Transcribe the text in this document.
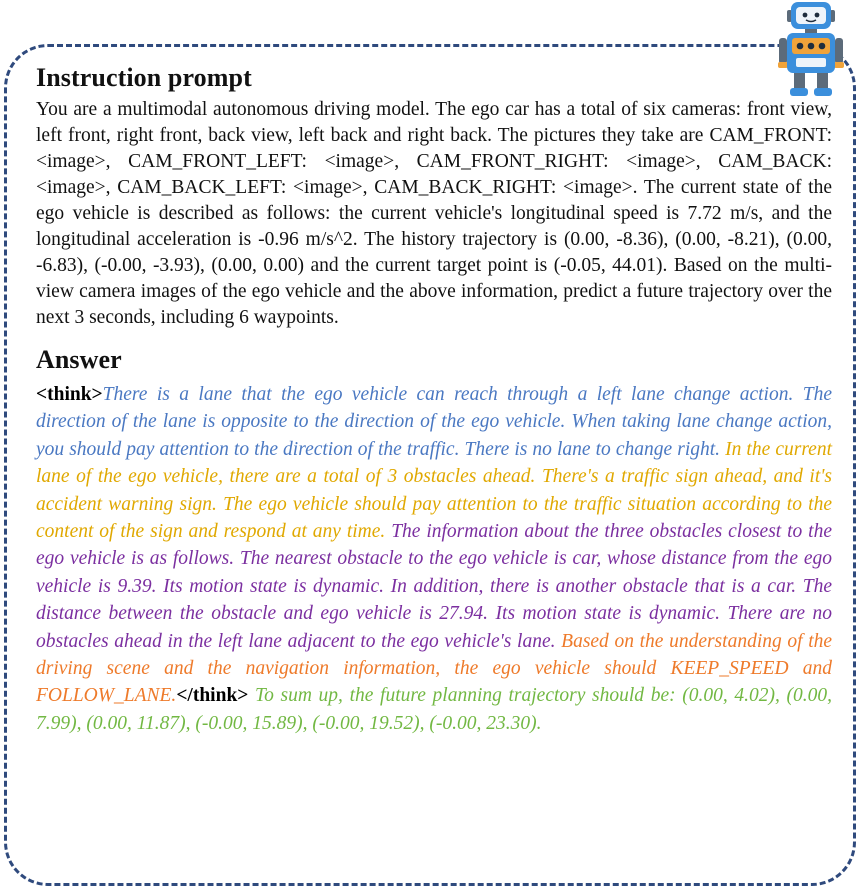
Instruction prompt

You are a multimodal autonomous driving model. The ego car has a total of six cameras: front view, left front, right front, back view, left back and right back. The pictures they take are CAM_FRONT: <image>, CAM_FRONT_LEFT: <image>, CAM_FRONT_RIGHT: <image>, CAM_BACK: <image>, CAM_BACK_LEFT: <image>, CAM_BACK_RIGHT: <image>. The current state of the ego vehicle is described as follows: the current vehicle's longitudinal speed is 7.72 m/s, and the longitudinal acceleration is -0.96 m/s^2. The history trajectory is (0.00, -8.36), (0.00, -8.21), (0.00, -6.83), (-0.00, -3.93), (0.00, 0.00) and the current target point is (-0.05, 44.01). Based on the multi-view camera images of the ego vehicle and the above information, predict a future trajectory over the next 3 seconds, including 6 waypoints.

Answer

<think>There is a lane that the ego vehicle can reach through a left lane change action. The direction of the lane is opposite to the direction of the ego vehicle. When taking lane change action, you should pay attention to the direction of the traffic. There is no lane to change right. In the current lane of the ego vehicle, there are a total of 3 obstacles ahead. There's a traffic sign ahead, and it's accident warning sign. The ego vehicle should pay attention to the traffic situation according to the content of the sign and respond at any time. The information about the three obstacles closest to the ego vehicle is as follows. The nearest obstacle to the ego vehicle is car, whose distance from the ego vehicle is 9.39. Its motion state is dynamic. In addition, there is another obstacle that is a car. The distance between the obstacle and ego vehicle is 27.94. Its motion state is dynamic. There are no obstacles ahead in the left lane adjacent to the ego vehicle's lane. Based on the understanding of the driving scene and the navigation information, the ego vehicle should KEEP_SPEED and FOLLOW_LANE.</think> To sum up, the future planning trajectory should be: (0.00, 4.02), (0.00, 7.99), (0.00, 11.87), (-0.00, 15.89), (-0.00, 19.52), (-0.00, 23.30).
